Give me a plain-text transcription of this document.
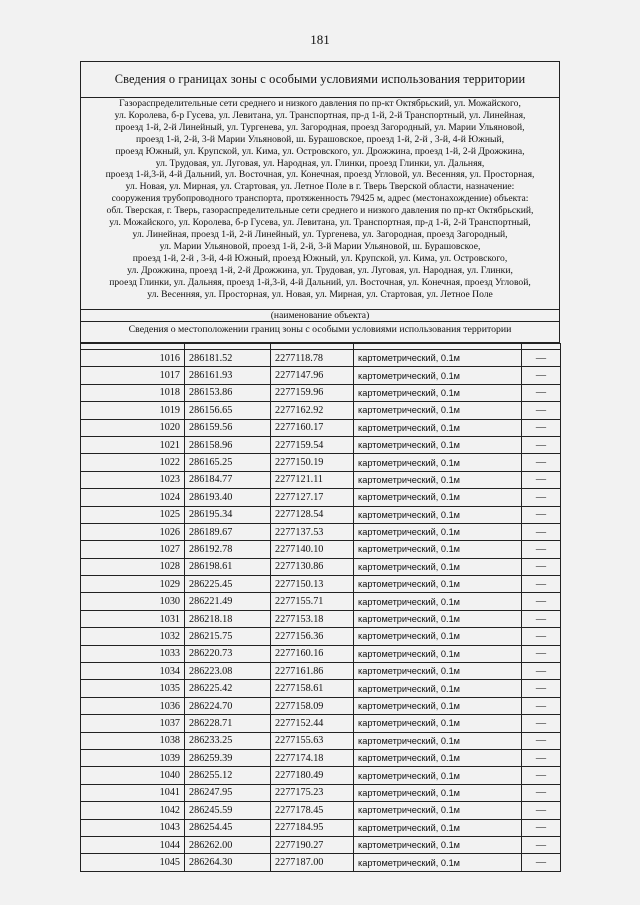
181
Сведения о границах зоны с особыми условиями использования территории
Газораспределительные сети среднего и низкого давления по пр-кт Октябрьский, ул. Можайского,
ул. Королева, б-р Гусева, ул. Левитана, ул. Транспортная, пр-д 1-й, 2-й Транспортный, ул. Линейная,
проезд 1-й, 2-й Линейный, ул. Тургенева, ул. Загородная, проезд Загородный, ул. Марии Ульяновой,
проезд 1-й, 2-й, 3-й Марии Ульяновой, ш. Бурашовское, проезд 1-й, 2-й , 3-й, 4-й Южный,
проезд Южный, ул. Крупской, ул. Кима, ул. Островского, ул. Дрожжина, проезд 1-й, 2-й Дрожжина,
ул. Трудовая, ул. Луговая, ул. Народная, ул. Глинки, проезд Глинки, ул. Дальняя,
проезд 1-й,3-й, 4-й Дальний, ул. Восточная, ул. Конечная, проезд Угловой, ул. Весенняя, ул. Просторная,
ул. Новая, ул. Мирная, ул. Стартовая, ул. Летное Поле в г. Тверь Тверской области, назначение:
сооружения трубопроводного транспорта, протяженность 79425 м, адрес (местонахождение) объекта:
обл. Тверская, г. Тверь, газораспределительные сети среднего и низкого давления по пр-кт Октябрьский,
ул. Можайского, ул. Королева, б-р Гусева, ул. Левитана, ул. Транспортная, пр-д 1-й, 2-й Транспортный,
ул. Линейная, проезд 1-й, 2-й Линейный, ул. Тургенева, ул. Загородная, проезд Загородный,
ул. Марии Ульяновой, проезд 1-й, 2-й, 3-й Марии Ульяновой, ш. Бурашовское,
проезд 1-й, 2-й , 3-й, 4-й Южный, проезд Южный, ул. Крупской, ул. Кима, ул. Островского,
ул. Дрожжина, проезд 1-й, 2-й Дрожжина, ул. Трудовая, ул. Луговая, ул. Народная, ул. Глинки,
проезд Глинки, ул. Дальняя, проезд 1-й,3-й, 4-й Дальний, ул. Восточная, ул. Конечная, проезд Угловой,
ул. Весенняя, ул. Просторная, ул. Новая, ул. Мирная, ул. Стартовая, ул. Летное Поле
(наименование объекта)
Сведения о местоположении границ зоны с особыми условиями использования территории

1016	286181.52	2277118.78	картометрический, 0.1м	—
1017	286161.93	2277147.96	картометрический, 0.1м	—
1018	286153.86	2277159.96	картометрический, 0.1м	—
1019	286156.65	2277162.92	картометрический, 0.1м	—
1020	286159.56	2277160.17	картометрический, 0.1м	—
1021	286158.96	2277159.54	картометрический, 0.1м	—
1022	286165.25	2277150.19	картометрический, 0.1м	—
1023	286184.77	2277121.11	картометрический, 0.1м	—
1024	286193.40	2277127.17	картометрический, 0.1м	—
1025	286195.34	2277128.54	картометрический, 0.1м	—
1026	286189.67	2277137.53	картометрический, 0.1м	—
1027	286192.78	2277140.10	картометрический, 0.1м	—
1028	286198.61	2277130.86	картометрический, 0.1м	—
1029	286225.45	2277150.13	картометрический, 0.1м	—
1030	286221.49	2277155.71	картометрический, 0.1м	—
1031	286218.18	2277153.18	картометрический, 0.1м	—
1032	286215.75	2277156.36	картометрический, 0.1м	—
1033	286220.73	2277160.16	картометрический, 0.1м	—
1034	286223.08	2277161.86	картометрический, 0.1м	—
1035	286225.42	2277158.61	картометрический, 0.1м	—
1036	286224.70	2277158.09	картометрический, 0.1м	—
1037	286228.71	2277152.44	картометрический, 0.1м	—
1038	286233.25	2277155.63	картометрический, 0.1м	—
1039	286259.39	2277174.18	картометрический, 0.1м	—
1040	286255.12	2277180.49	картометрический, 0.1м	—
1041	286247.95	2277175.23	картометрический, 0.1м	—
1042	286245.59	2277178.45	картометрический, 0.1м	—
1043	286254.45	2277184.95	картометрический, 0.1м	—
1044	286262.00	2277190.27	картометрический, 0.1м	—
1045	286264.30	2277187.00	картометрический, 0.1м	—
